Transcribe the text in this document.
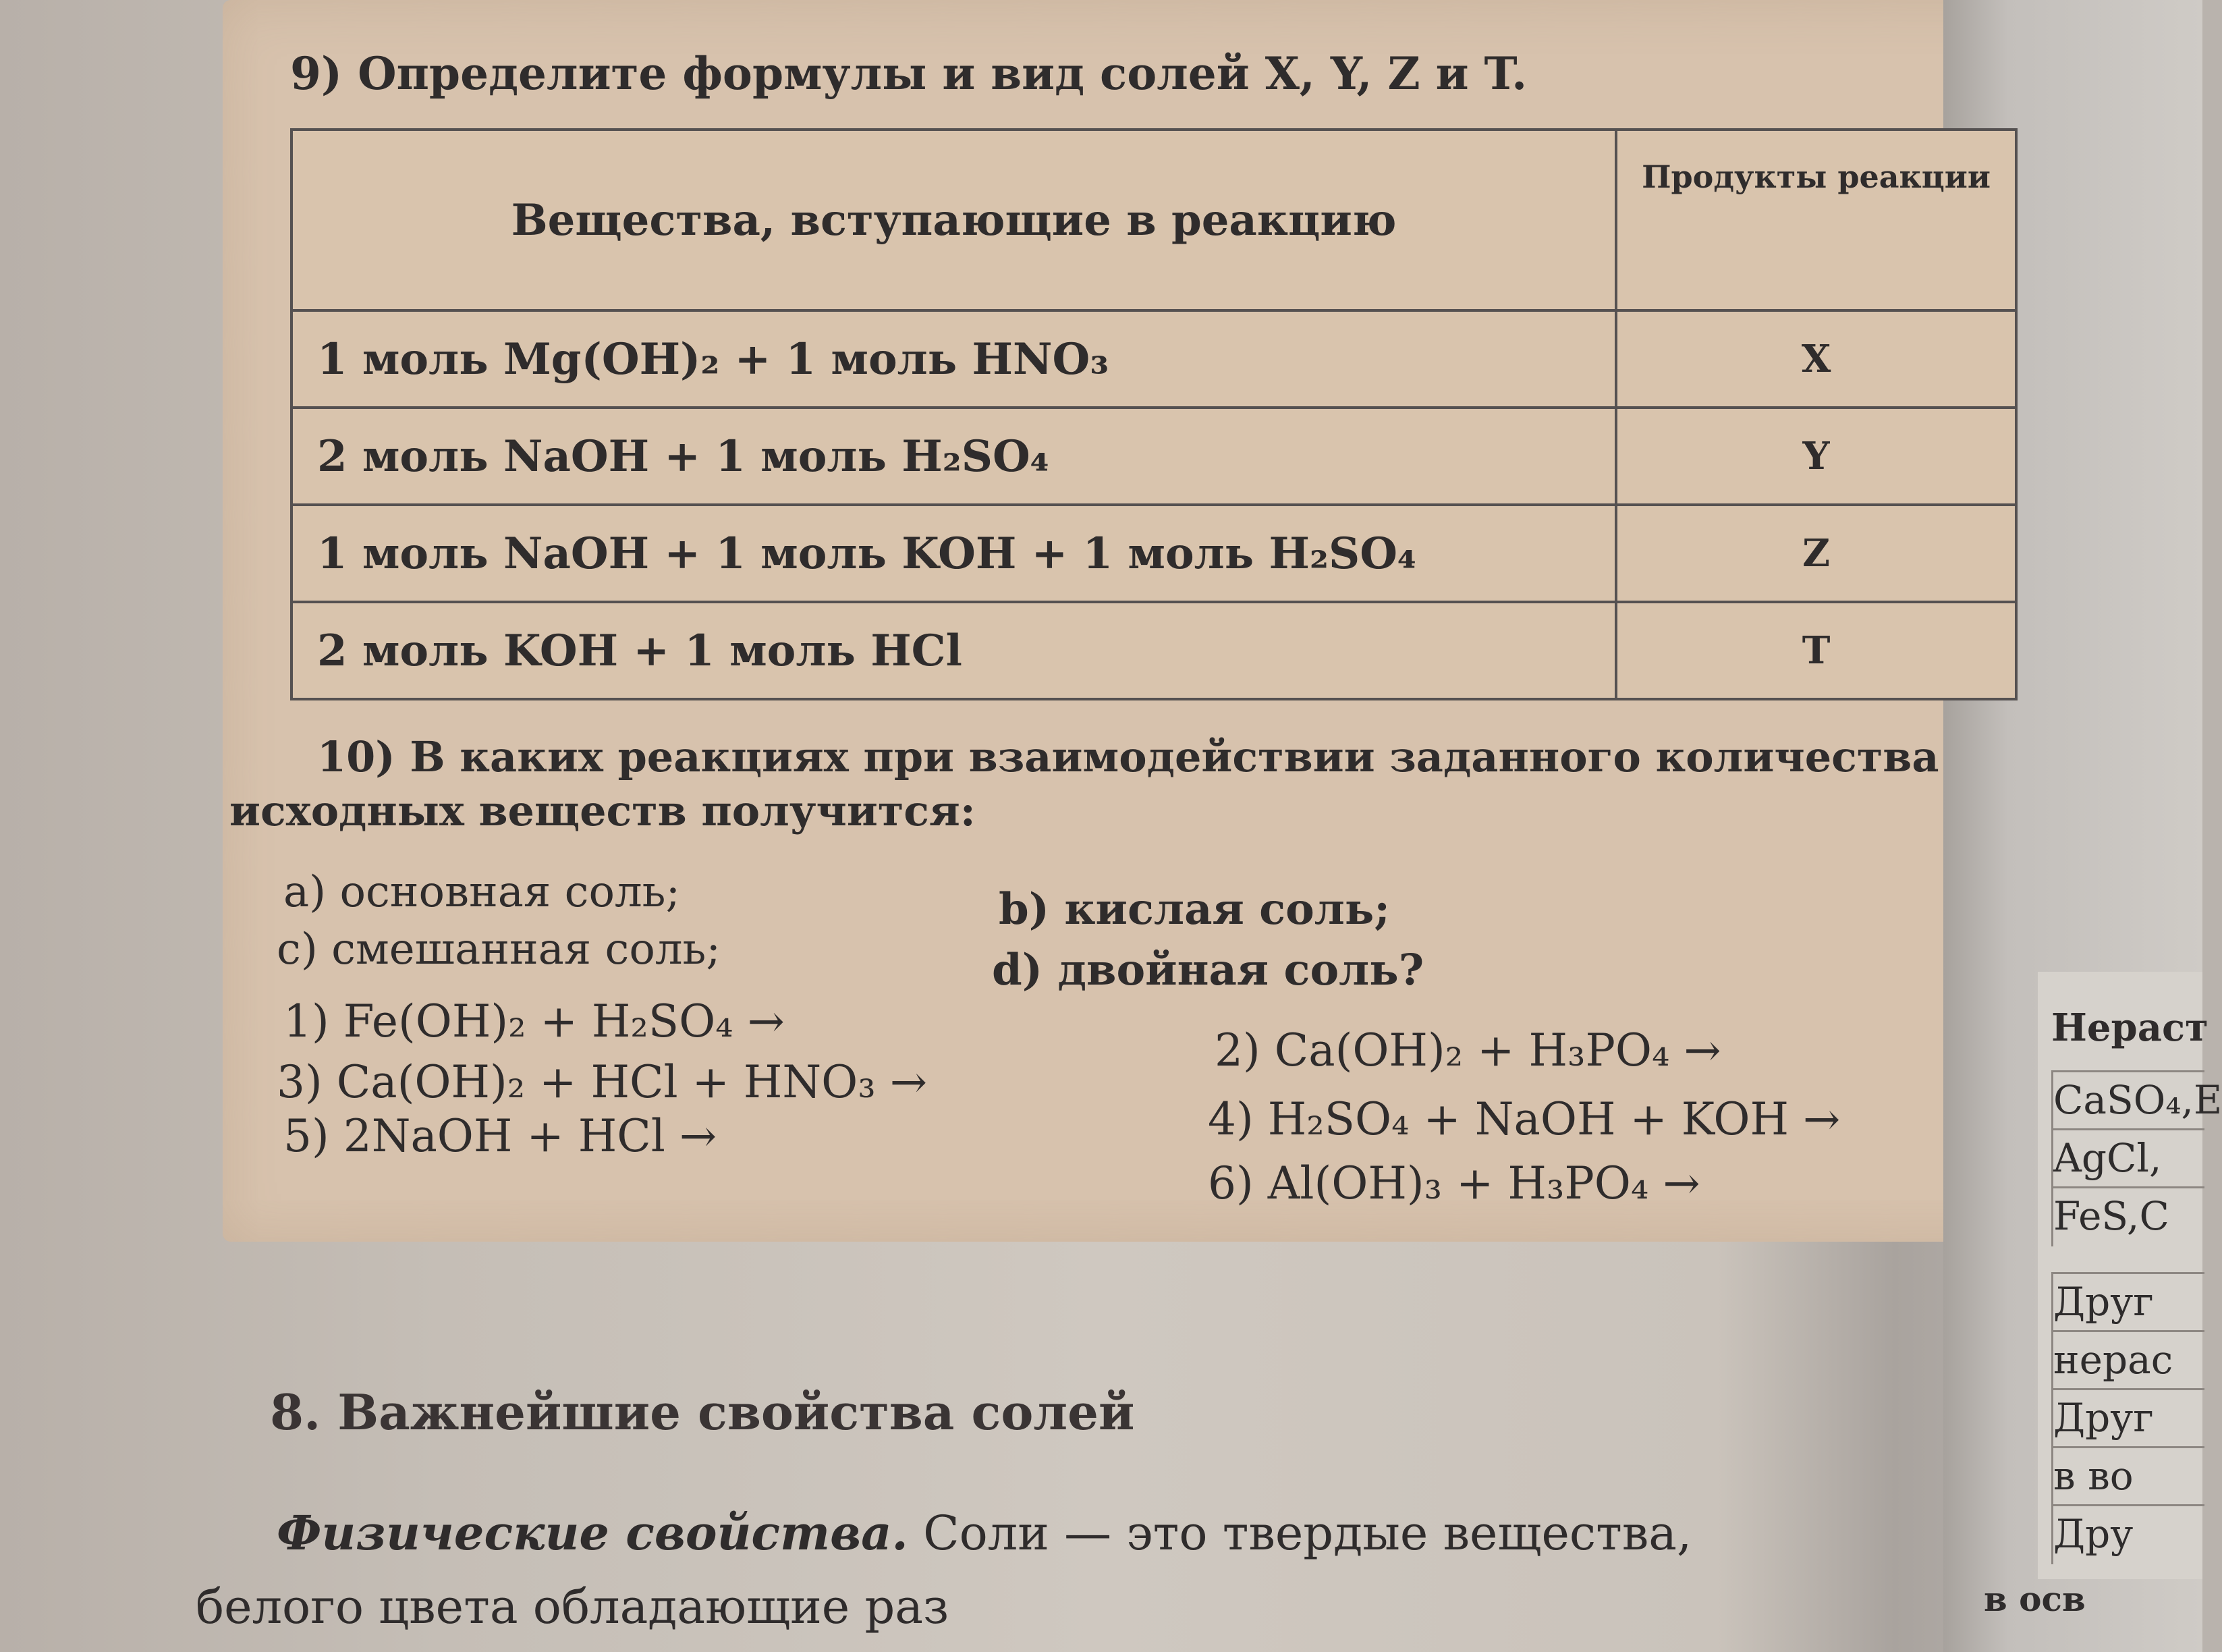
9) Определите формулы и вид солей X, Y, Z и T.
Вещества, вступающие в реакцию	Продукты реакции
1 моль Mg(OH)₂ + 1 моль HNO₃	X
2 моль NaOH + 1 моль H₂SO₄	Y
1 моль NaOH + 1 моль KOH + 1 моль H₂SO₄	Z
2 моль KOH + 1 моль HCl	T
10) В каких реакциях при взаимодействии заданного количества
исходных веществ получится:
а) основная соль;	b) кислая соль;
c) смешанная соль;	d) двойная соль?
1) Fe(OH)₂ + H₂SO₄ →
2) Ca(OH)₂ + H₃PO₄ →
3) Ca(OH)₂ + HCl + HNO₃ →
4) H₂SO₄ + NaOH + KOH →
5) 2NaOH + HCl →
6) Al(OH)₃ + H₃PO₄ →
8. Важнейшие свойства солей
Физические свойства. Соли — это твердые вещества,
белого цвета обладающие раз
Нераст
CaSO₄,Е
AgCl,
FeS,C
Друг
нерас
Друг
в во
Дру
в осв
